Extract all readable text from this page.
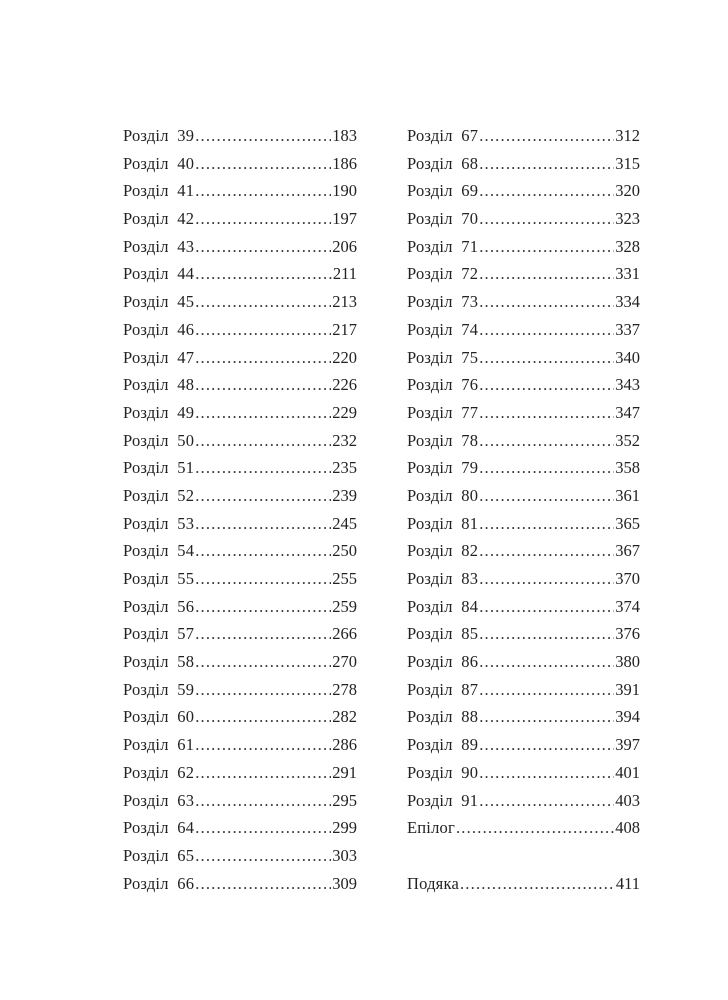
Розділ  39 .....	183
Розділ  40 .....	186
Розділ  41 .....	190
Розділ  42 .....	197
Розділ  43 .....	206
Розділ  44 .....	211
Розділ  45 .....	213
Розділ  46 .....	217
Розділ  47 .....	220
Розділ  48 .....	226
Розділ  49 .....	229
Розділ  50 .....	232
Розділ  51 .....	235
Розділ  52 .....	239
Розділ  53 .....	245
Розділ  54 .....	250
Розділ  55 .....	255
Розділ  56 .....	259
Розділ  57 .....	266
Розділ  58 .....	270
Розділ  59 .....	278
Розділ  60 .....	282
Розділ  61 .....	286
Розділ  62 .....	291
Розділ  63 .....	295
Розділ  64 .....	299
Розділ  65 .....	303
Розділ  66 .....	309
Розділ  67 .....	312
Розділ  68 .....	315
Розділ  69 .....	320
Розділ  70 .....	323
Розділ  71 .....	328
Розділ  72 .....	331
Розділ  73 .....	334
Розділ  74 .....	337
Розділ  75 .....	340
Розділ  76 .....	343
Розділ  77 .....	347
Розділ  78 .....	352
Розділ  79 .....	358
Розділ  80 .....	361
Розділ  81 .....	365
Розділ  82 .....	367
Розділ  83 .....	370
Розділ  84 .....	374
Розділ  85 .....	376
Розділ  86 .....	380
Розділ  87 .....	391
Розділ  88 .....	394
Розділ  89 .....	397
Розділ  90 .....	401
Розділ  91 .....	403
Епілог .....	408
Подяка .....	411
